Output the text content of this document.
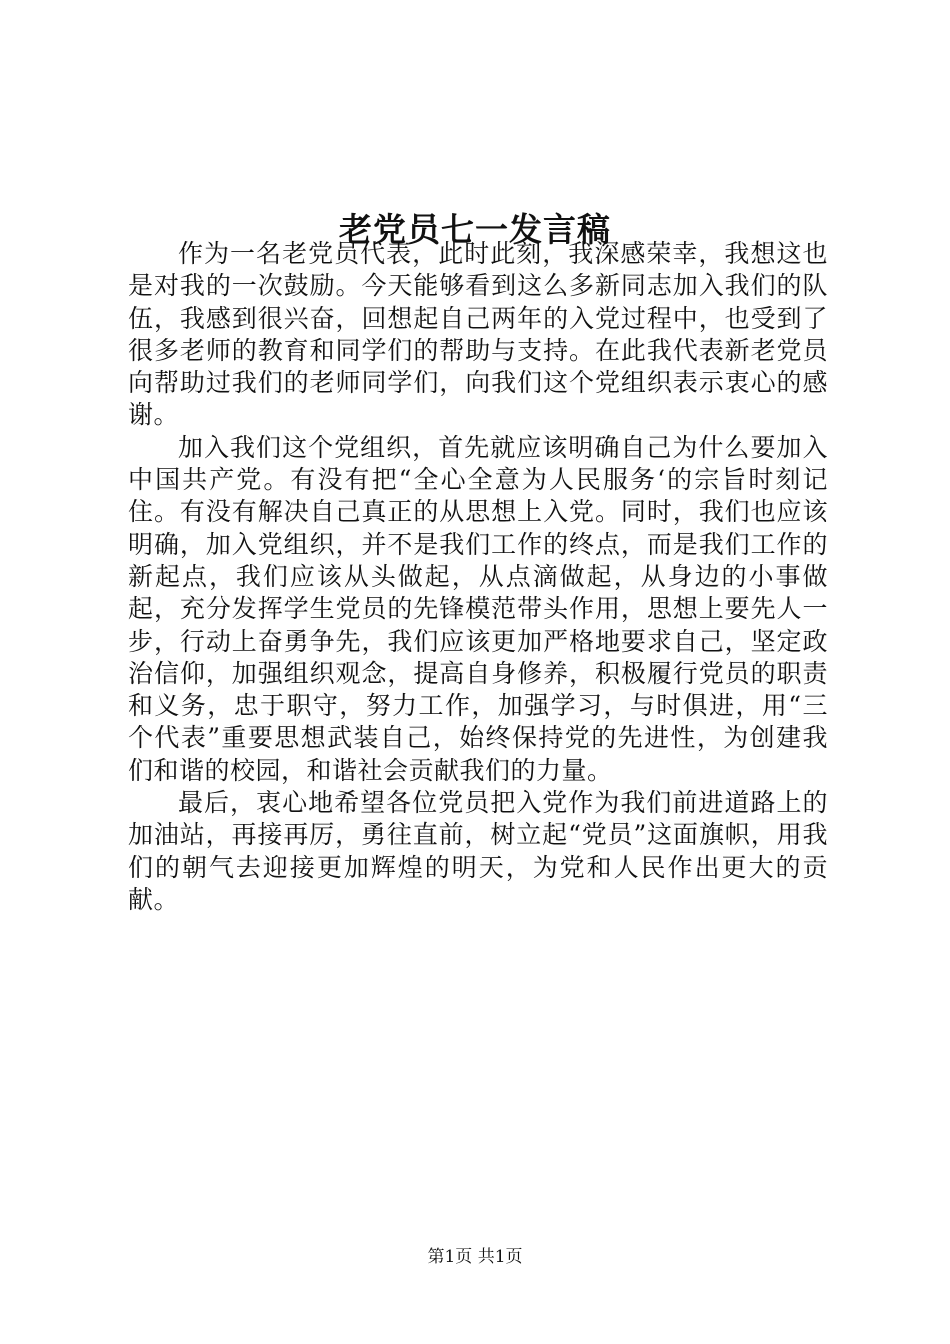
老党员七一发言稿

作为一名老党员代表，此时此刻，我深感荣幸，我想这也是对我的一次鼓励。今天能够看到这么多新同志加入我们的队伍，我感到很兴奋，回想起自己两年的入党过程中，也受到了很多老师的教育和同学们的帮助与支持。在此我代表新老党员向帮助过我们的老师同学们，向我们这个党组织表示衷心的感谢。

加入我们这个党组织，首先就应该明确自己为什么要加入中国共产党。有没有把“全心全意为人民服务‘的宗旨时刻记住。有没有解决自己真正的从思想上入党。同时，我们也应该明确，加入党组织，并不是我们工作的终点，而是我们工作的新起点，我们应该从头做起，从点滴做起，从身边的小事做起，充分发挥学生党员的先锋模范带头作用，思想上要先人一步，行动上奋勇争先，我们应该更加严格地要求自己，坚定政治信仰，加强组织观念，提高自身修养，积极履行党员的职责和义务，忠于职守，努力工作，加强学习，与时俱进，用“三个代表”重要思想武装自己，始终保持党的先进性，为创建我们和谐的校园，和谐社会贡献我们的力量。

最后，衷心地希望各位党员把入党作为我们前进道路上的加油站，再接再厉，勇往直前，树立起“党员”这面旗帜，用我们的朝气去迎接更加辉煌的明天，为党和人民作出更大的贡献。

第1页 共1页
